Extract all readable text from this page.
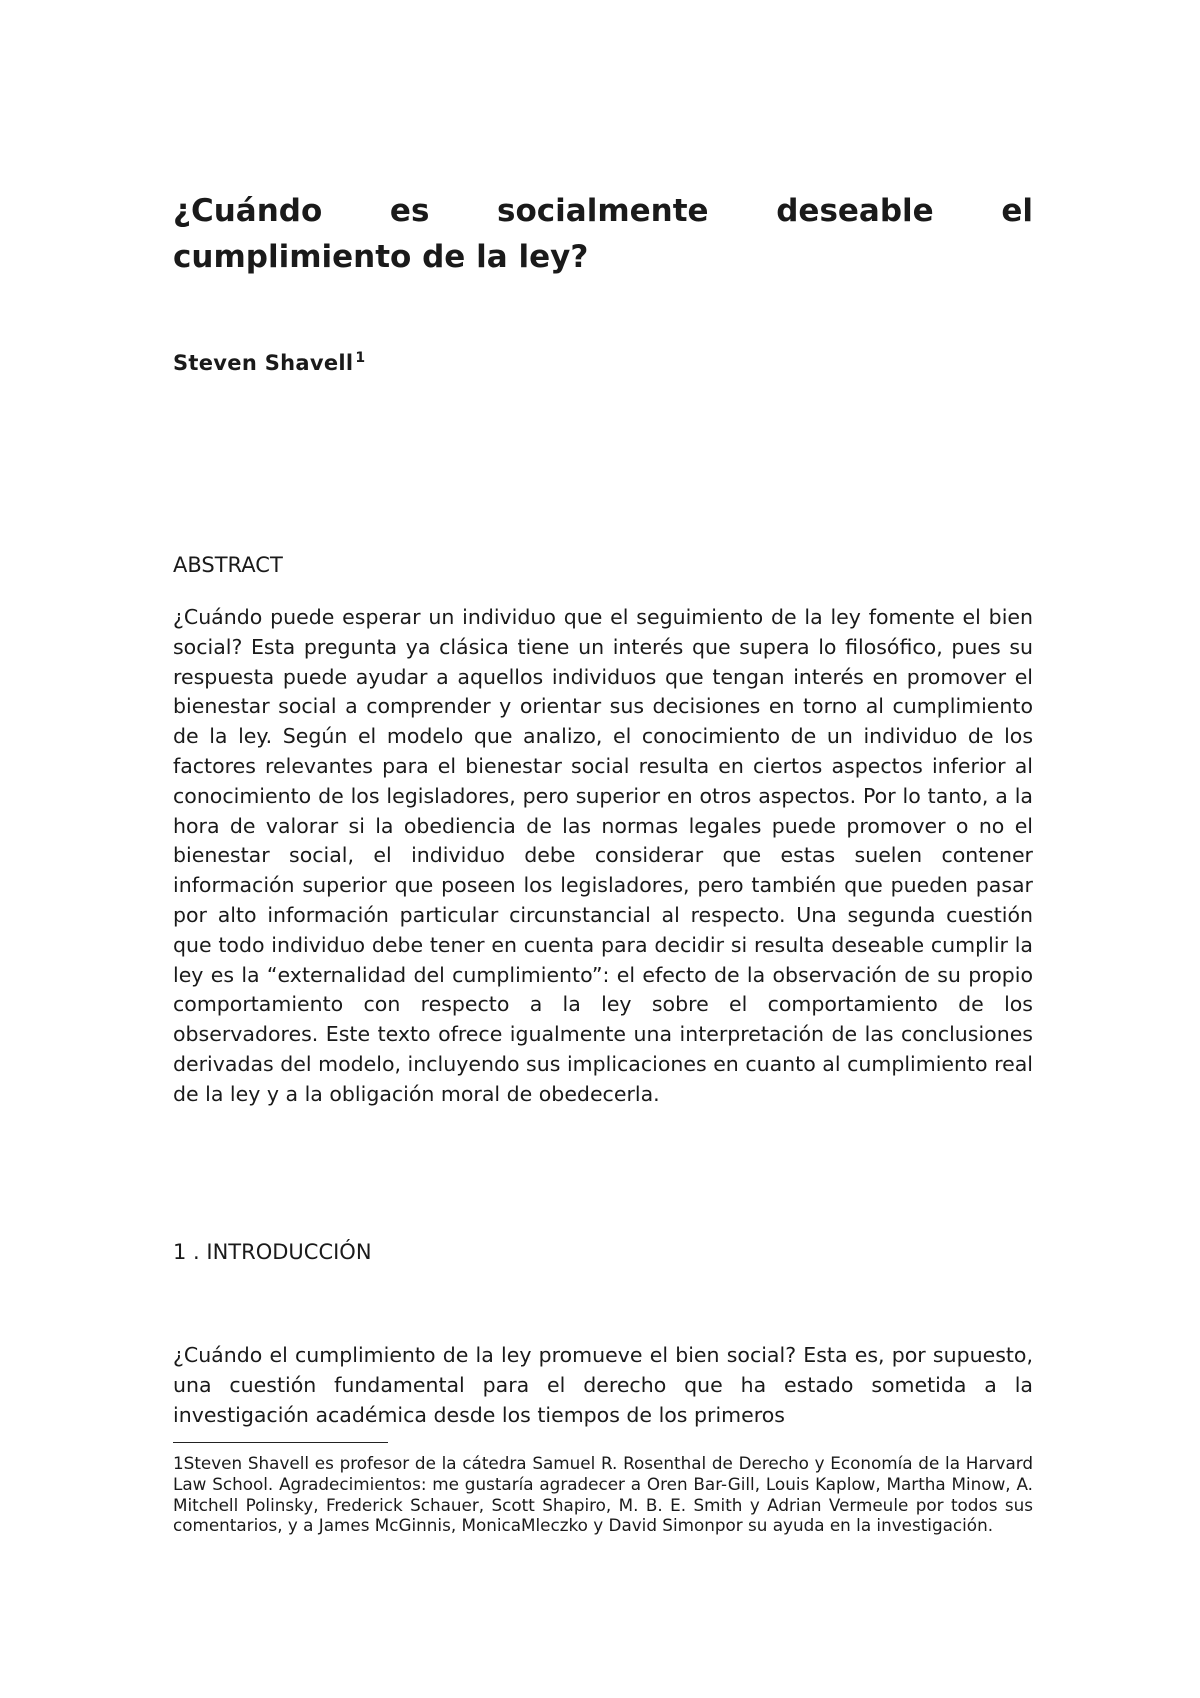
¿Cuándo es socialmente deseable el
cumplimiento de la ley?
Steven Shavell $^1$
ABSTRACT

¿Cuándo puede esperar un individuo que el seguimiento de la ley fomente el bien social? Esta pregunta ya clásica tiene un interés que supera lo filosófico, pues su respuesta puede ayudar a aquellos individuos que tengan interés en promover el bienestar social a comprender y orientar sus decisiones en torno al cumplimiento de la ley. Según el modelo que analizo, el conocimiento de un individuo de los factores relevantes para el bienestar social resulta en ciertos aspectos inferior al conocimiento de los legisladores, pero superior en otros aspectos. Por lo tanto, a la hora de valorar si la obediencia de las normas legales puede promover o no el bienestar social, el individuo debe considerar que estas suelen contener información superior que poseen los legisladores, pero también que pueden pasar por alto información particular circunstancial al respecto. Una segunda cuestión que todo individuo debe tener en cuenta para decidir si resulta deseable cumplir la ley es la “externalidad del cumplimiento”: el efecto de la observación de su propio comportamiento con respecto a la ley sobre el comportamiento de los observadores. Este texto ofrece igualmente una interpretación de las conclusiones derivadas del modelo, incluyendo sus implicaciones en cuanto al cumplimiento real de la ley y a la obligación moral de obedecerla.

1 . INTRODUCCIÓN

¿Cuándo el cumplimiento de la ley promueve el bien social? Esta es, por supuesto, una cuestión fundamental para el derecho que ha estado sometida a la investigación académica desde los tiempos de los primeros

1Steven Shavell es profesor de la cátedra Samuel R. Rosenthal de Derecho y Economía de la Harvard Law School. Agradecimientos: me gustaría agradecer a Oren Bar-Gill, Louis Kaplow, Martha Minow, A. Mitchell Polinsky, Frederick Schauer, Scott Shapiro, M. B. E. Smith y Adrian Vermeule por todos sus comentarios, y a James McGinnis, MonicaMleczko y David Simonpor su ayuda en la investigación.
